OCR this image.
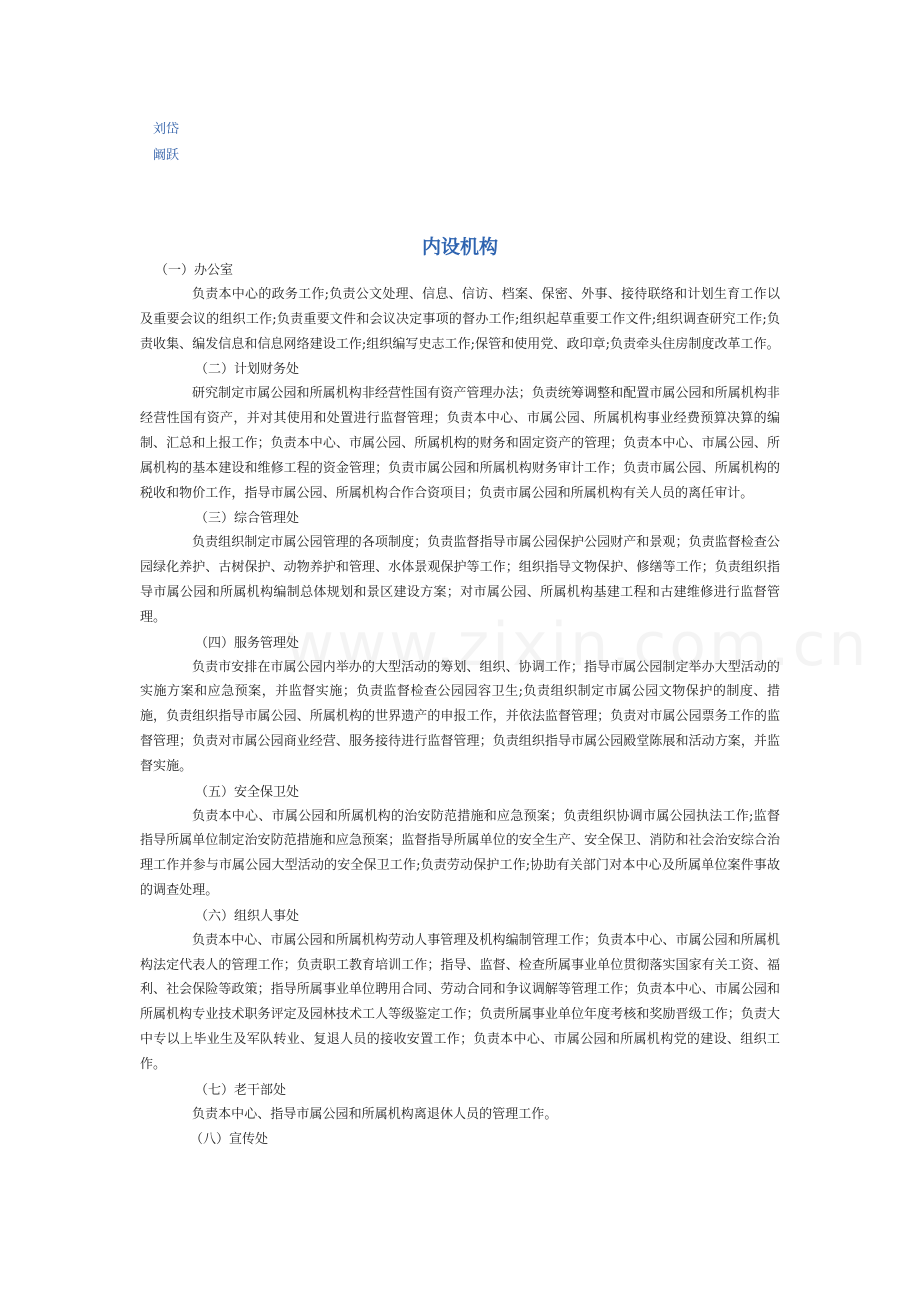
刘岱
阚跃
内设机构
（一）办公室

负责本中心的政务工作;负责公文处理、信息、信访、档案、保密、外事、接待联络和计划生育工作以及重要会议的组织工作;负责重要文件和会议决定事项的督办工作;组织起草重要工作文件;组织调查研究工作;负责收集、编发信息和信息网络建设工作;组织编写史志工作;保管和使用党、政印章;负责牵头住房制度改革工作。

（二）计划财务处

研究制定市属公园和所属机构非经营性国有资产管理办法；负责统筹调整和配置市属公园和所属机构非经营性国有资产，并对其使用和处置进行监督管理；负责本中心、市属公园、所属机构事业经费预算决算的编制、汇总和上报工作；负责本中心、市属公园、所属机构的财务和固定资产的管理；负责本中心、市属公园、所属机构的基本建设和维修工程的资金管理；负责市属公园和所属机构财务审计工作；负责市属公园、所属机构的税收和物价工作，指导市属公园、所属机构合作合资项目；负责市属公园和所属机构有关人员的离任审计。

（三）综合管理处

负责组织制定市属公园管理的各项制度；负责监督指导市属公园保护公园财产和景观；负责监督检查公园绿化养护、古树保护、动物养护和管理、水体景观保护等工作；组织指导文物保护、修缮等工作；负责组织指导市属公园和所属机构编制总体规划和景区建设方案；对市属公园、所属机构基建工程和古建维修进行监督管理。

（四）服务管理处

负责市安排在市属公园内举办的大型活动的筹划、组织、协调工作；指导市属公园制定举办大型活动的实施方案和应急预案，并监督实施；负责监督检查公园园容卫生;负责组织制定市属公园文物保护的制度、措施，负责组织指导市属公园、所属机构的世界遗产的申报工作，并依法监督管理；负责对市属公园票务工作的监督管理；负责对市属公园商业经营、服务接待进行监督管理；负责组织指导市属公园殿堂陈展和活动方案，并监督实施。

（五）安全保卫处

负责本中心、市属公园和所属机构的治安防范措施和应急预案；负责组织协调市属公园执法工作;监督指导所属单位制定治安防范措施和应急预案；监督指导所属单位的安全生产、安全保卫、消防和社会治安综合治理工作并参与市属公园大型活动的安全保卫工作;负责劳动保护工作;协助有关部门对本中心及所属单位案件事故的调查处理。

（六）组织人事处

负责本中心、市属公园和所属机构劳动人事管理及机构编制管理工作；负责本中心、市属公园和所属机构法定代表人的管理工作；负责职工教育培训工作；指导、监督、检查所属事业单位贯彻落实国家有关工资、福利、社会保险等政策；指导所属事业单位聘用合同、劳动合同和争议调解等管理工作；负责本中心、市属公园和所属机构专业技术职务评定及园林技术工人等级鉴定工作；负责所属事业单位年度考核和奖励晋级工作；负责大中专以上毕业生及军队转业、复退人员的接收安置工作；负责本中心、市属公园和所属机构党的建设、组织工作。

（七）老干部处

负责本中心、指导市属公园和所属机构离退休人员的管理工作。

（八）宣传处
